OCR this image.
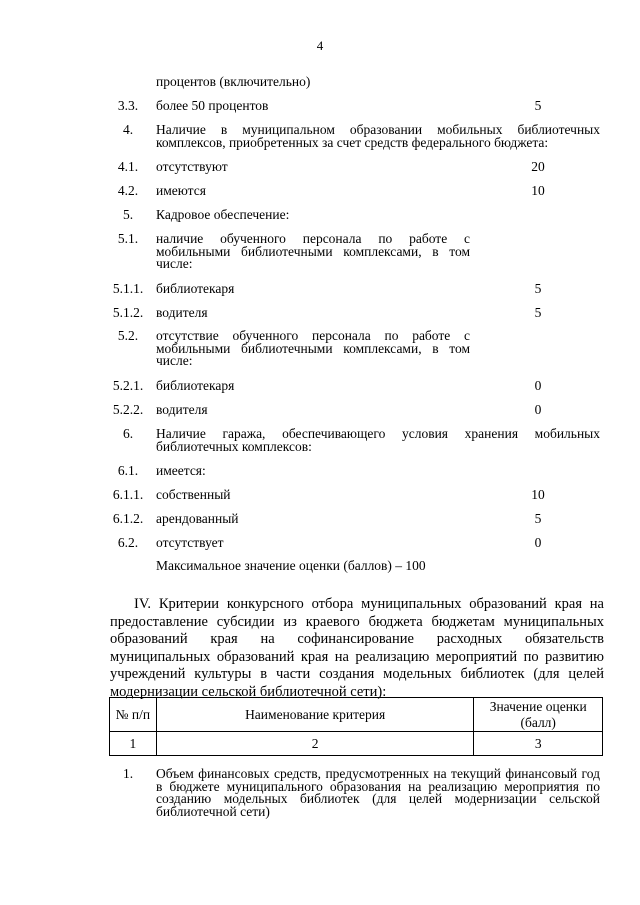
4
процентов (включительно)
3.3.	более 50 процентов	5
4.	Наличие в муниципальном образовании мобильных библиотечных комплексов, приобретенных за счет средств федерального бюджета:
4.1.	отсутствуют	20
4.2.	имеются	10
5.	Кадровое обеспечение:
5.1.	наличие обученного персонала по работе с мобильными библиотечными комплексами, в том числе:
5.1.1. библиотекаря	5
5.1.2. водителя	5
5.2.	отсутствие обученного персонала по работе с мобильными библиотечными комплексами, в том числе:
5.2.1. библиотекаря	0
5.2.2. водителя	0
6.	Наличие гаража, обеспечивающего условия хранения мобильных библиотечных комплексов:
6.1.	имеется:
6.1.1. собственный	10
6.1.2. арендованный	5
6.2.	отсутствует	0
Максимальное значение оценки (баллов) – 100
IV. Критерии конкурсного отбора муниципальных образований края на предоставление субсидии из краевого бюджета бюджетам муниципальных образований края на софинансирование расходных обязательств муниципальных образований края на реализацию мероприятий по развитию учреждений культуры в части создания модельных библиотек (для целей модернизации сельской библиотечной сети):
№ п/п	Наименование критерия	Значение оценки (балл)
1	2	3
1.	Объем финансовых средств, предусмотренных на текущий финансовый год в бюджете муниципального образования на реализацию мероприятия по созданию модельных библиотек (для целей модернизации сельской библиотечной сети)
